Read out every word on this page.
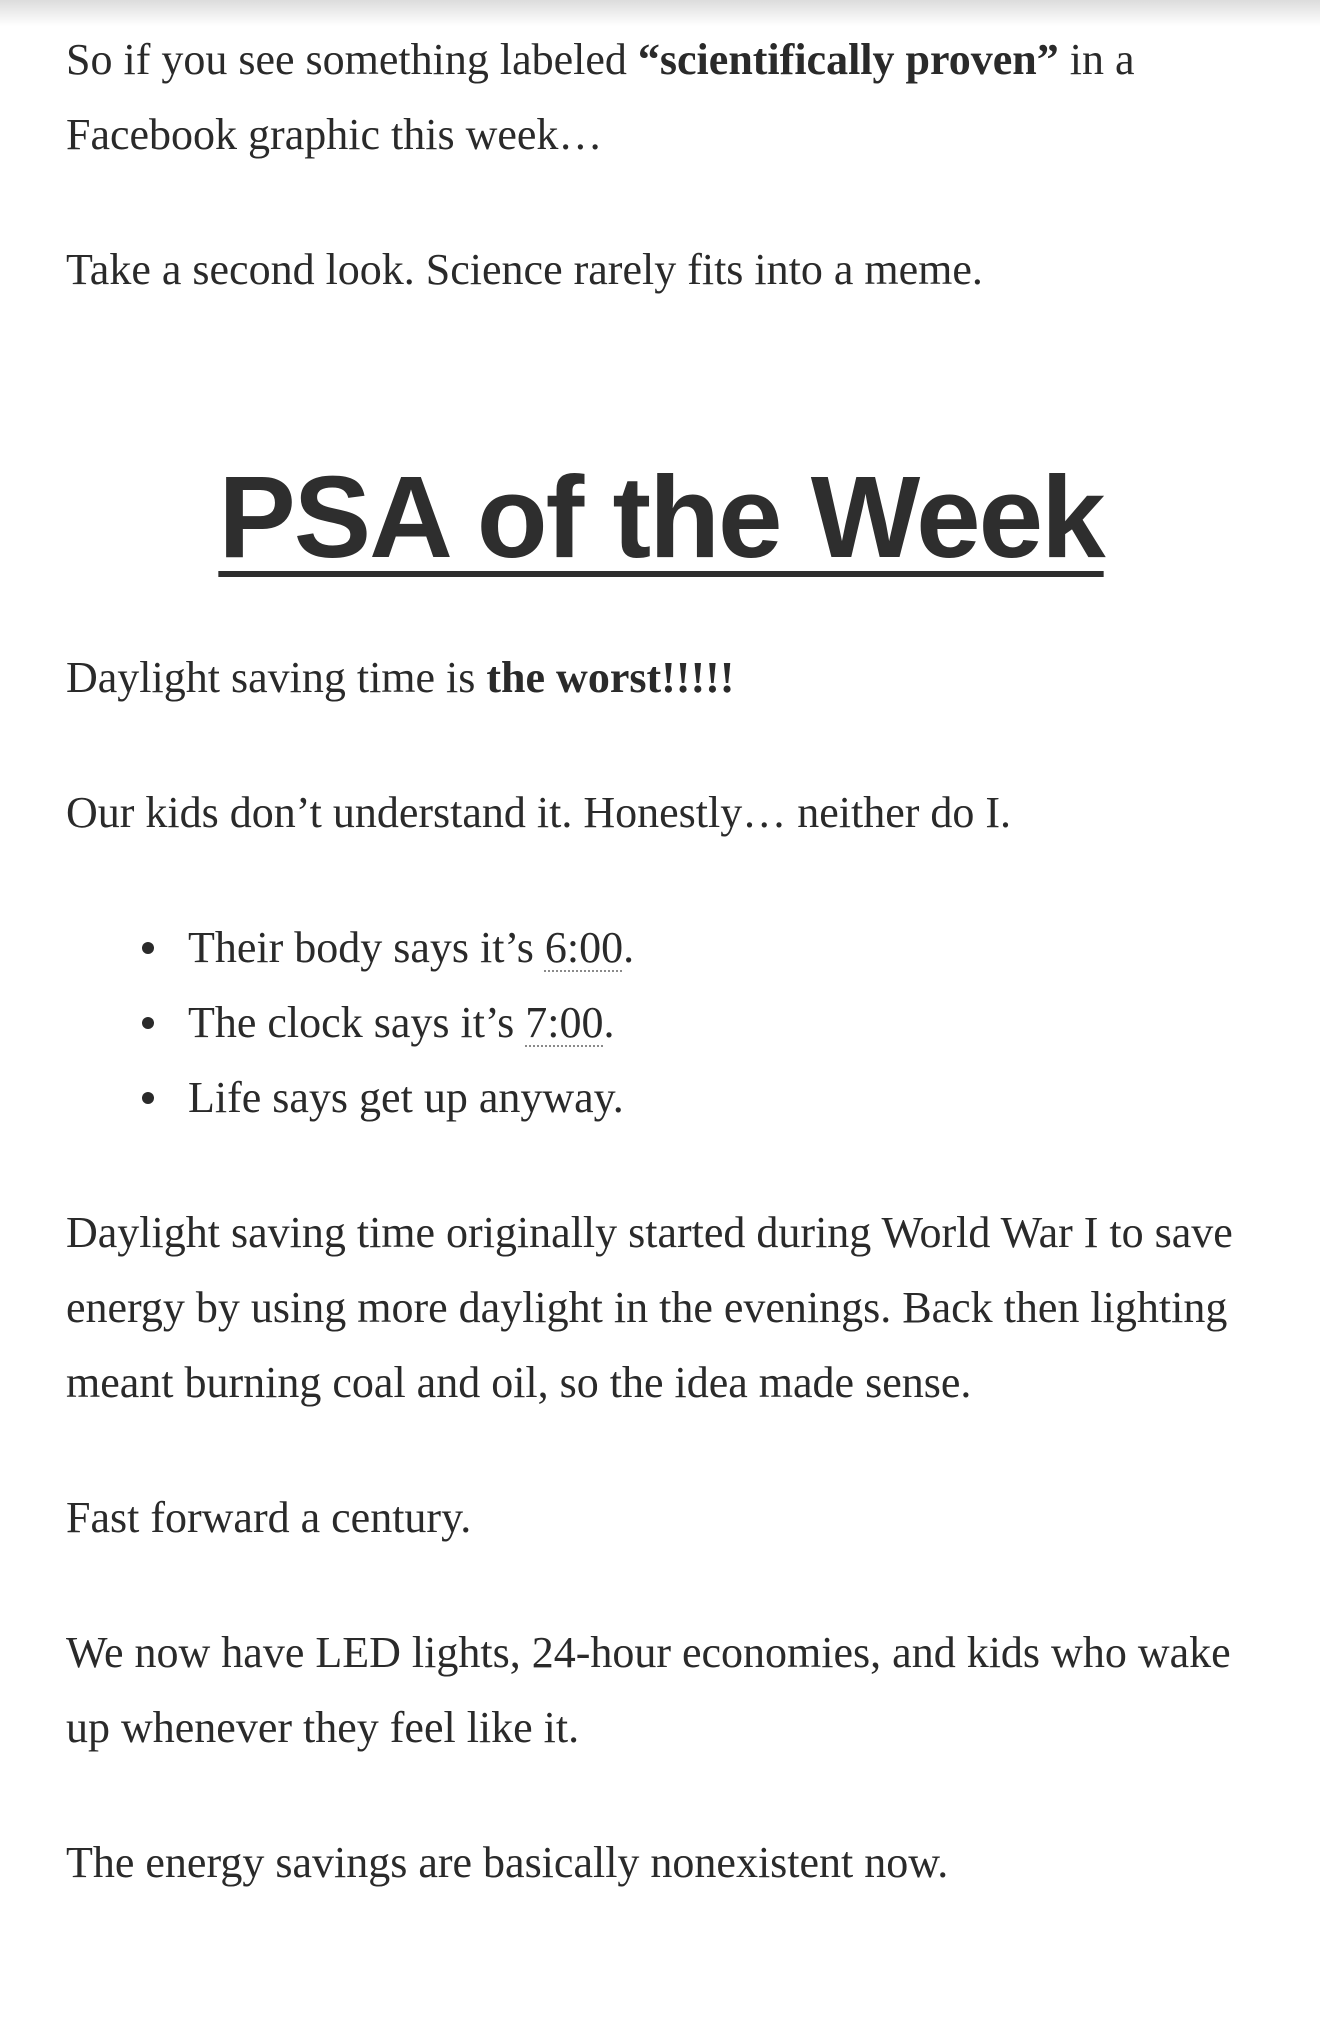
So if you see something labeled “scientifically proven” in a Facebook graphic this week…

Take a second look. Science rarely fits into a meme.

PSA of the Week

Daylight saving time is the worst!!!!!

Our kids don’t understand it. Honestly… neither do I.

Their body says it’s 6:00.
The clock says it’s 7:00.
Life says get up anyway.

Daylight saving time originally started during World War I to save energy by using more daylight in the evenings. Back then lighting meant burning coal and oil, so the idea made sense.

Fast forward a century.

We now have LED lights, 24-hour economies, and kids who wake up whenever they feel like it.

The energy savings are basically nonexistent now.
